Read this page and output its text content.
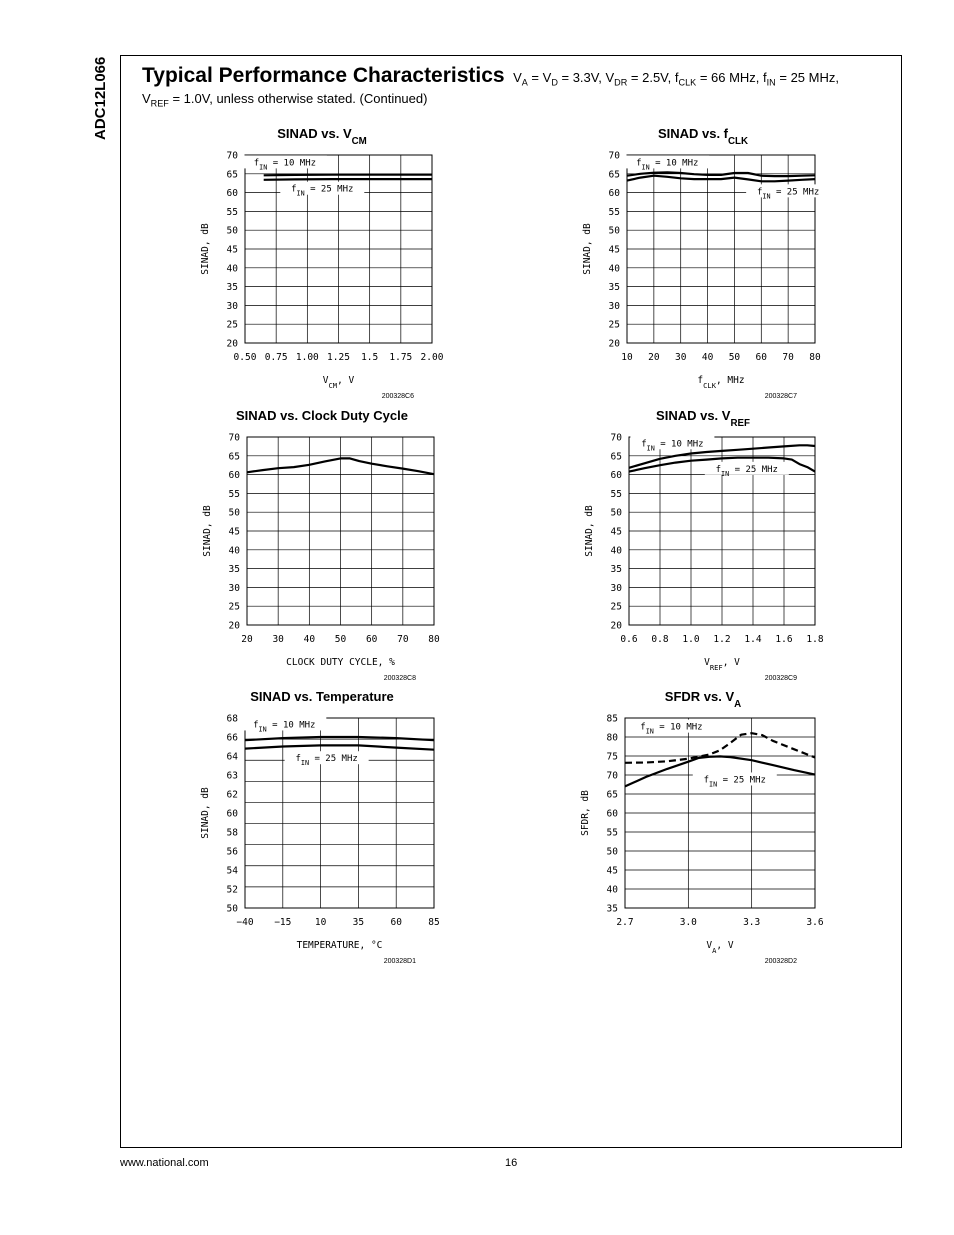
ADC12L066 Typical Performance Characteristics $V_A = V_D = 3.3V$, $V_{DR} = 2.5V$, $f_{CLK} = 66$ MHz, $f_{IN} = 25$ MHz,
$V_{REF} = 1.0V$, unless otherwise stated. (Continued)
SINAD vs. $V_{CM}$
0.50 0.75 1.00 1.25 1.5 1.75 2.00
20
25
30
35
40
45
50
55
60
65
70
$V_{CM}$, V
SINAD, dB
200328C6
$f_{IN} = 10$ MHz
$f_{IN} = 25$ MHz
SINAD vs. $f_{CLK}$
10 20 30 40 50 60 70 80
20
25
30
35
40
45
50
55
60
65
70
$f_{CLK}$, MHz
SINAD, dB
200328C7
$f_{IN} = 10$ MHz
$f_{IN} = 25$ MHz
SINAD vs. Clock Duty Cycle
20 30 40 50 60 70 80
20
25
30
35
40
45
50
55
60
65
70
CLOCK DUTY CYCLE, %
SINAD, dB
200328C8
SINAD vs. $V_{REF}$
0.6 0.8 1.0 1.2 1.4 1.6 1.8
20
25
30
35
40
45
50
55
60
65
70
$V_{REF}$, V
SINAD, dB
200328C9
$f_{IN} = 10$ MHz
$f_{IN} = 25$ MHz
SINAD vs. Temperature
−40 −15 10	35	60	85
50
52
54
56
58
60
62
63
64
66
68
TEMPERATURE, °C
SINAD, dB
200328D1
$f_{IN} = 10$ MHz
$f_{IN} = 25$ MHz
SFDR vs. $V_A$
2.7	3.0	3.3	3.6
35
40
45
50
55
60
65
70
75
80
85
$V_A$, V
SFDR, dB
200328D2
$f_{IN} = 10$ MHz
$f_{IN} = 25$ MHz
www.national.com	16
